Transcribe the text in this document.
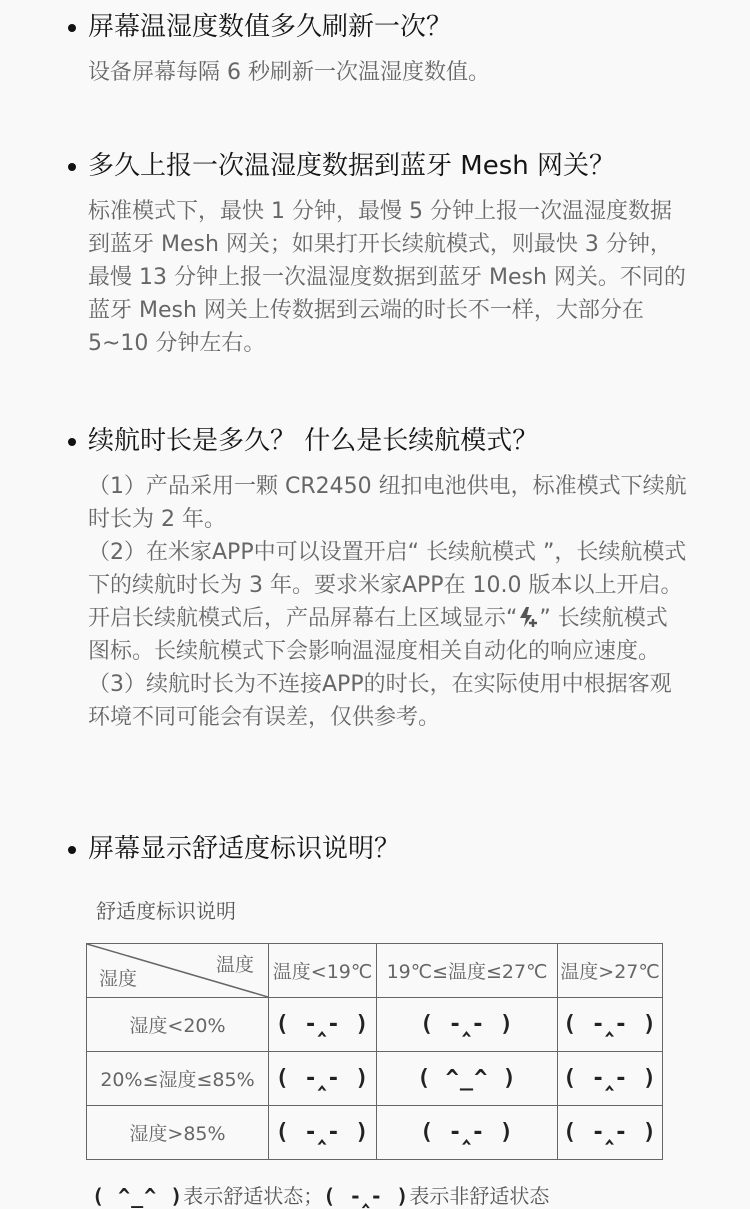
屏幕温湿度数值多久刷新一次？

设备屏幕每隔 6 秒刷新一次温湿度数值。

多久上报一次温湿度数据到蓝牙 Mesh 网关？

标准模式下，最快 1 分钟，最慢 5 分钟上报一次温湿度数据到蓝牙 Mesh 网关；如果打开长续航模式，则最快 3 分钟，最慢 13 分钟上报一次温湿度数据到蓝牙 Mesh 网关。不同的蓝牙 Mesh 网关上传数据到云端的时长不一样，大部分在 5~10 分钟左右。

续航时长是多久？ 什么是长续航模式？

（1）产品采用一颗 CR2450 纽扣电池供电，标准模式下续航时长为 2 年。

（2）在米家APP中可以设置开启“ 长续航模式 ”，长续航模式下的续航时长为 3 年。要求米家APP在 10.0 版本以上开启。开启长续航模式后，产品屏幕右上区域显示“ ” 长续航模式图标。长续航模式下会影响温湿度相关自动化的响应速度。

（3）续航时长为不连接APP的时长，在实际使用中根据客观环境不同可能会有误差，仅供参考。

屏幕显示舒适度标识说明？
舒适度标识说明
温度
湿度	温度<19℃	19℃≤温度≤27℃	温度>27℃
湿度<20%	( -‸- )	( -‸- )	( -‸- )
20%≤湿度≤85%	( -‸- )	( ^_^ )	( -‸- )
湿度>85%	( -‸- )	( -‸- )	( -‸- )
( ^_^ )表示舒适状态；( -‸- )表示非舒适状态
